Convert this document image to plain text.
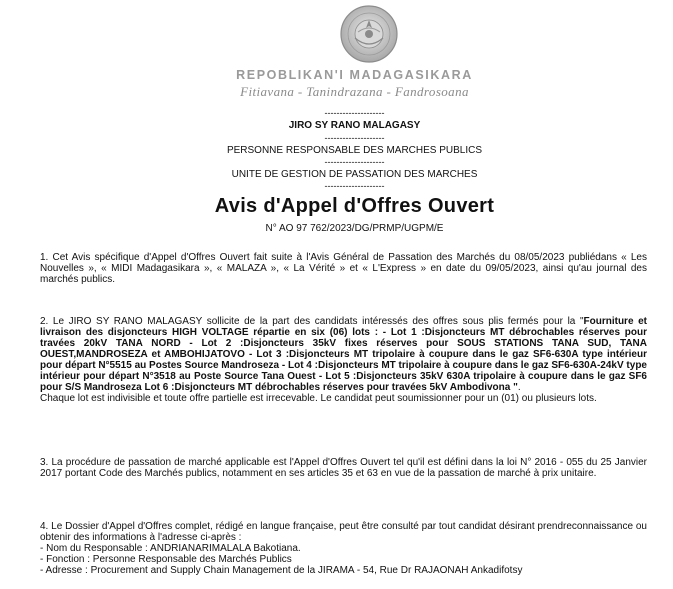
REPOBLIKAN'I MADAGASIKARA
Fitiavana - Tanindrazana - Fandrosoana
--------------------
JIRO SY RANO MALAGASY
--------------------
PERSONNE RESPONSABLE DES MARCHES PUBLICS
--------------------
UNITE DE GESTION DE PASSATION DES MARCHES
--------------------
Avis d'Appel d'Offres Ouvert
N° AO 97 762/2023/DG/PRMP/UGPM/E

1. Cet Avis spécifique d'Appel d'Offres Ouvert fait suite à l'Avis Général de Passation des Marchés du 08/05/2023 publiédans « Les Nouvelles », « MIDI Madagasikara », « MALAZA », « La Vérité » et « L'Express » en date du 09/05/2023, ainsi qu'au journal des marchés publics.

2. Le JIRO SY RANO MALAGASY sollicite de la part des candidats intéressés des offres sous plis fermés pour la "Fourniture et livraison des disjoncteurs HIGH VOLTAGE répartie en six (06) lots : - Lot 1 :Disjoncteurs MT débrochables réserves pour travées 20kV TANA NORD - Lot 2 :Disjoncteurs 35kV fixes réserves pour SOUS STATIONS TANA SUD, TANA OUEST,MANDROSEZA et AMBOHIJATOVO - Lot 3 :Disjoncteurs MT tripolaire à coupure dans le gaz SF6-630A type intérieur pour départ N°5515 au Postes Source Mandroseza - Lot 4 :Disjoncteurs MT tripolaire à coupure dans le gaz SF6-630A-24kV type intérieur pour départ N°3518 au Poste Source Tana Ouest - Lot 5 :Disjoncteurs 35kV 630A tripolaire à coupure dans le gaz SF6 pour S/S Mandroseza Lot 6 :Disjoncteurs MT débrochables réserves pour travées 5kV Ambodivona ".
Chaque lot est indivisible et toute offre partielle est irrecevable. Le candidat peut soumissionner pour un (01) ou plusieurs lots.

3. La procédure de passation de marché applicable est l'Appel d'Offres Ouvert tel qu'il est défini dans la loi N° 2016 - 055 du 25 Janvier 2017 portant Code des Marchés publics, notamment en ses articles 35 et 63 en vue de la passation de marché à prix unitaire.

4. Le Dossier d'Appel d'Offres complet, rédigé en langue française, peut être consulté par tout candidat désirant prendreconnaissance ou obtenir des informations à l'adresse ci-après :
- Nom du Responsable : ANDRIANARIMALALA Bakotiana.
- Fonction : Personne Responsable des Marchés Publics
- Adresse : Procurement and Supply Chain Management de la JIRAMA - 54, Rue Dr RAJAONAH Ankadifotsy
